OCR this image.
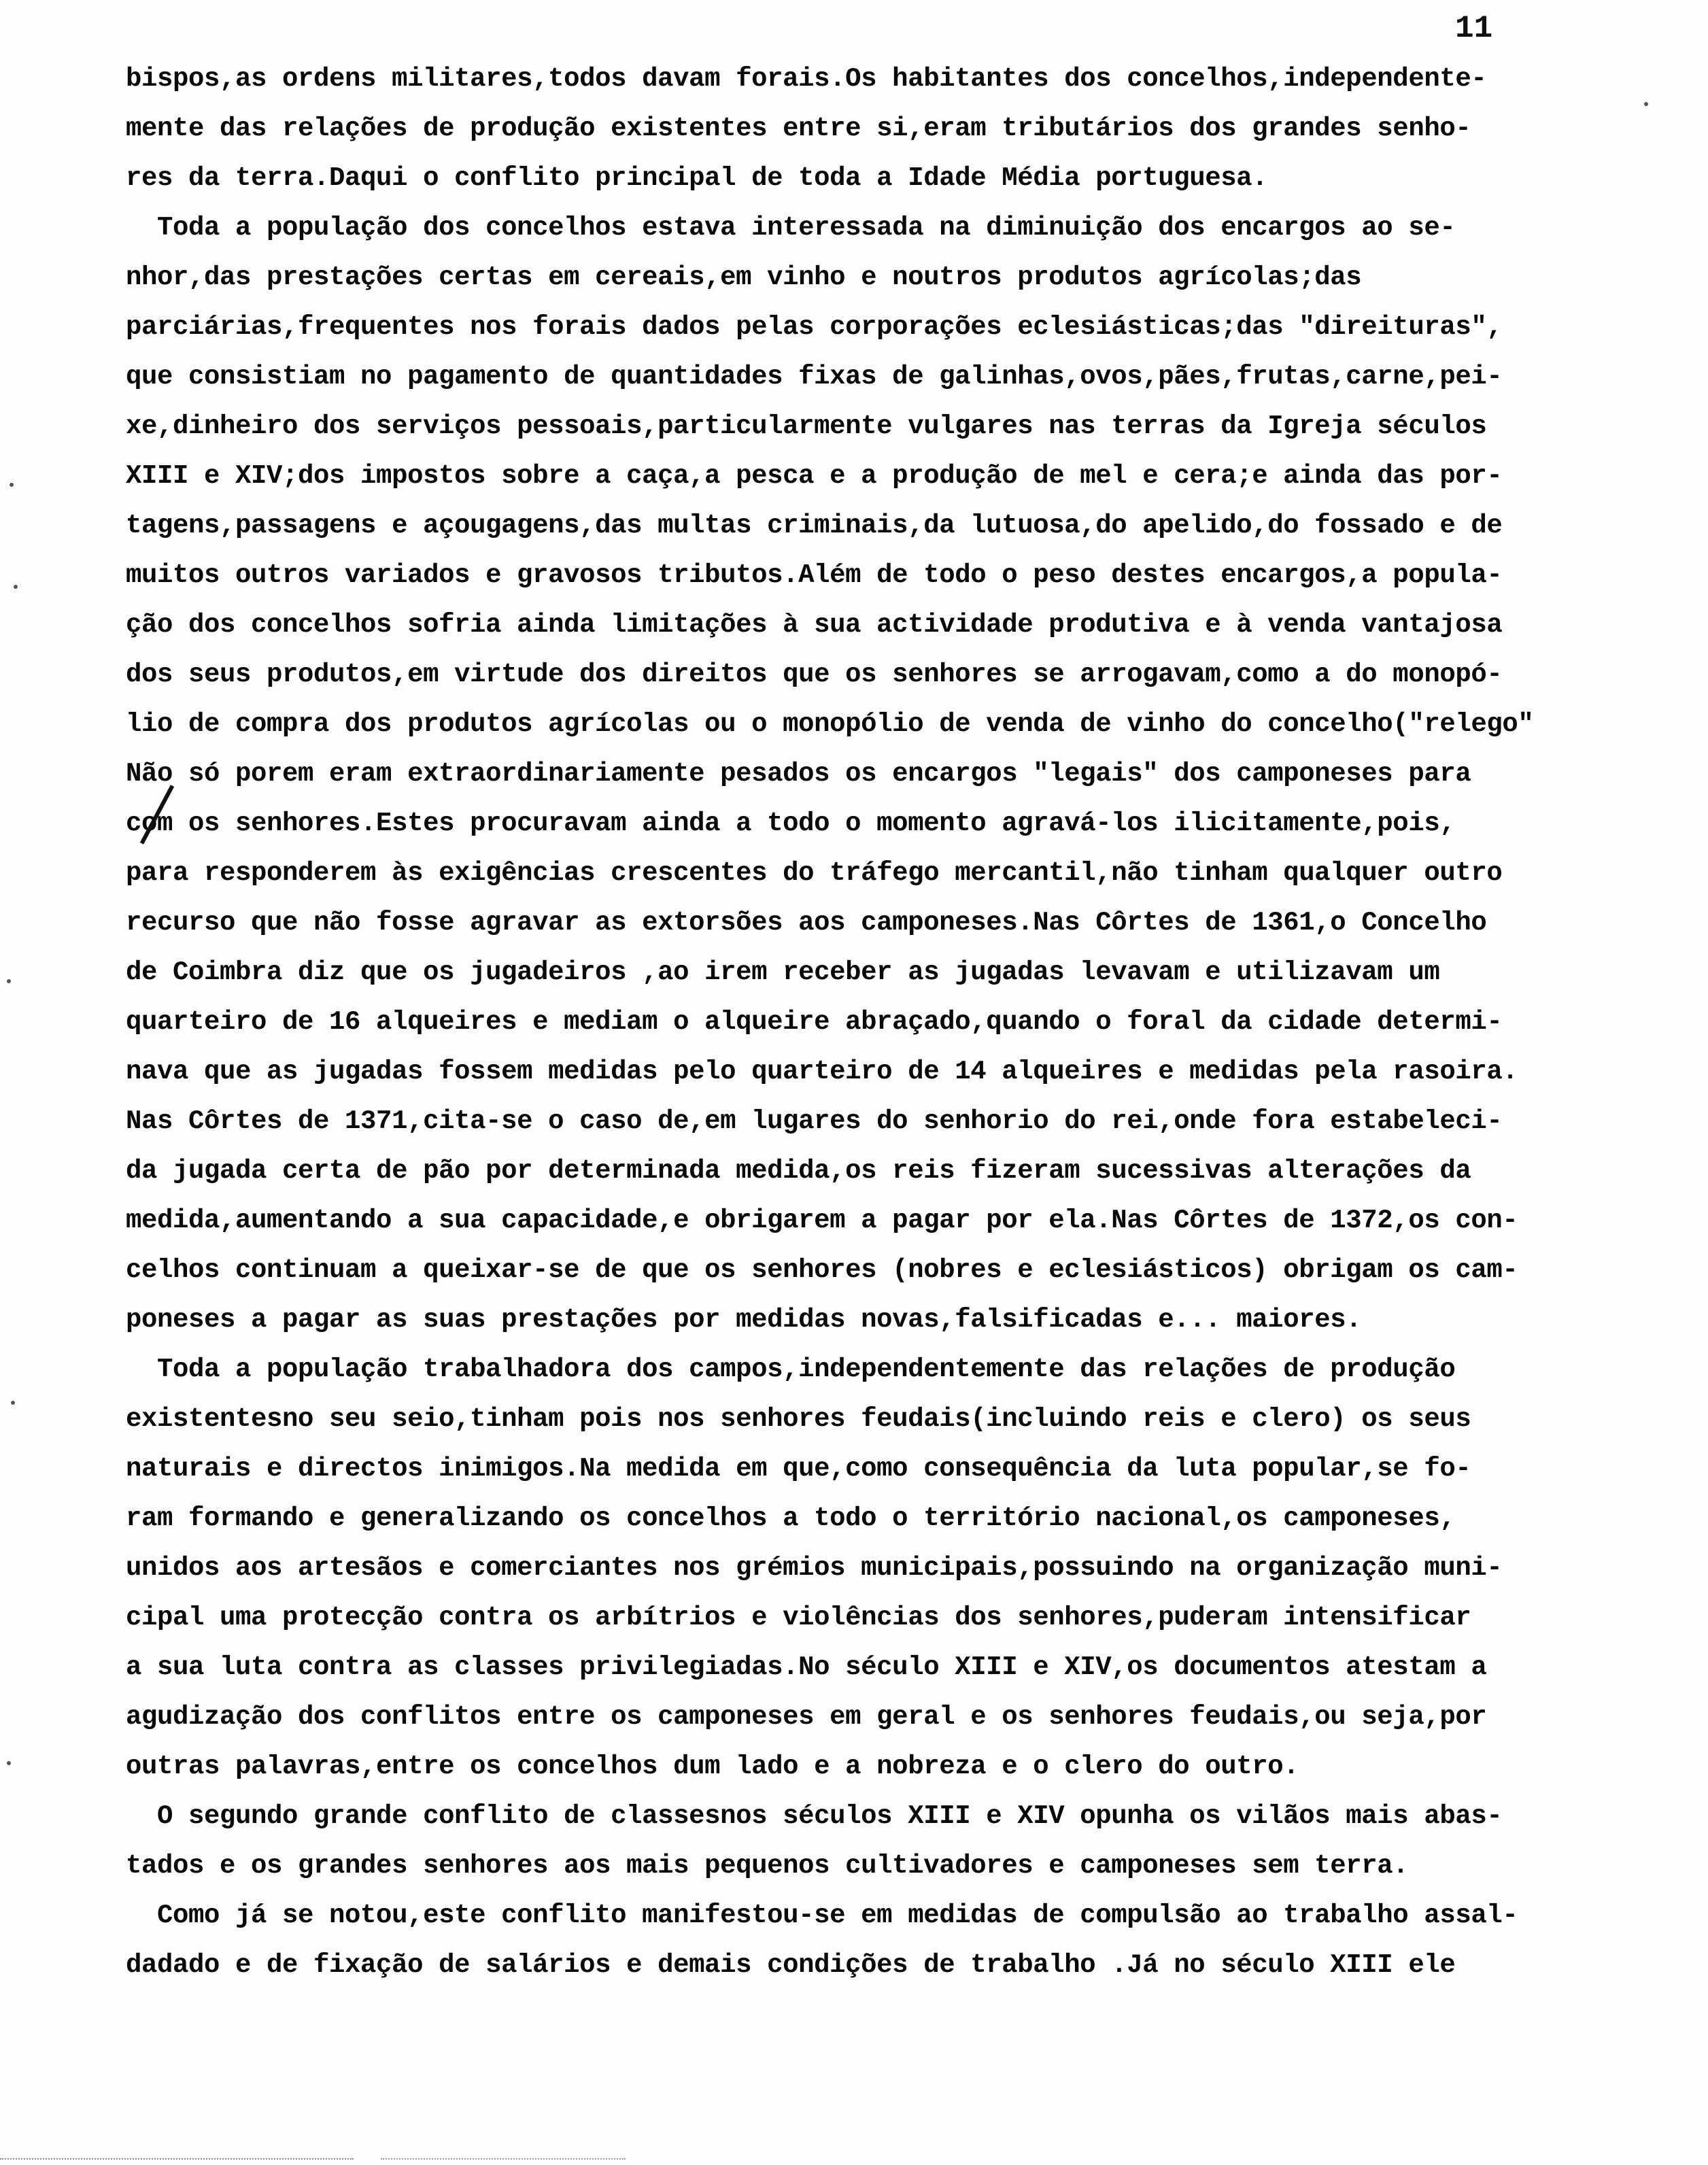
11
bispos,as ordens militares,todos davam forais.Os habitantes dos concelhos,independente-
mente das relações de produção existentes entre si,eram tributários dos grandes senho-
res da terra.Daqui o conflito principal de toda a Idade Média portuguesa.
Toda a população dos concelhos estava interessada na diminuição dos encargos ao se-
nhor,das prestações certas em cereais,em vinho e noutros produtos agrícolas;das
parciárias,frequentes nos forais dados pelas corporações eclesiásticas;das "direituras",
que consistiam no pagamento de quantidades fixas de galinhas,ovos,pães,frutas,carne,pei-
xe,dinheiro dos serviços pessoais,particularmente vulgares nas terras da Igreja séculos
XIII e XIV;dos impostos sobre a caça,a pesca e a produção de mel e cera;e ainda das por-
tagens,passagens e açougagens,das multas criminais,da lutuosa,do apelido,do fossado e de
muitos outros variados e gravosos tributos.Além de todo o peso destes encargos,a popula-
ção dos concelhos sofria ainda limitações à sua actividade produtiva e à venda vantajosa
dos seus produtos,em virtude dos direitos que os senhores se arrogavam,como a do monopó-
lio de compra dos produtos agrícolas ou o monopólio de venda de vinho do concelho("relego"
Não só porem eram extraordinariamente pesados os encargos "legais" dos camponeses para
com os senhores.Estes procuravam ainda a todo o momento agravá-los ilicitamente,pois,
para responderem às exigências crescentes do tráfego mercantil,não tinham qualquer outro
recurso que não fosse agravar as extorsões aos camponeses.Nas Côrtes de 1361,o Concelho
de Coimbra diz que os jugadeiros ,ao irem receber as jugadas levavam e utilizavam um
quarteiro de 16 alqueires e mediam o alqueire abraçado,quando o foral da cidade determi-
nava que as jugadas fossem medidas pelo quarteiro de 14 alqueires e medidas pela rasoira.
Nas Côrtes de 1371,cita-se o caso de,em lugares do senhorio do rei,onde fora estabeleci-
da jugada certa de pão por determinada medida,os reis fizeram sucessivas alterações da
medida,aumentando a sua capacidade,e obrigarem a pagar por ela.Nas Côrtes de 1372,os con-
celhos continuam a queixar-se de que os senhores (nobres e eclesiásticos) obrigam os cam-
poneses a pagar as suas prestações por medidas novas,falsificadas e... maiores.
Toda a população trabalhadora dos campos,independentemente das relações de produção
existentesno seu seio,tinham pois nos senhores feudais(incluindo reis e clero) os seus
naturais e directos inimigos.Na medida em que,como consequência da luta popular,se fo-
ram formando e generalizando os concelhos a todo o território nacional,os camponeses,
unidos aos artesãos e comerciantes nos grémios municipais,possuindo na organização muni-
cipal uma protecção contra os arbítrios e violências dos senhores,puderam intensificar
a sua luta contra as classes privilegiadas.No século XIII e XIV,os documentos atestam a
agudização dos conflitos entre os camponeses em geral e os senhores feudais,ou seja,por
outras palavras,entre os concelhos dum lado e a nobreza e o clero do outro.
O segundo grande conflito de classesnos séculos XIII e XIV opunha os vilãos mais abas-
tados e os grandes senhores aos mais pequenos cultivadores e camponeses sem terra.
Como já se notou,este conflito manifestou-se em medidas de compulsão ao trabalho assal-
dadado e de fixação de salários e demais condições de trabalho .Já no século XIII ele
